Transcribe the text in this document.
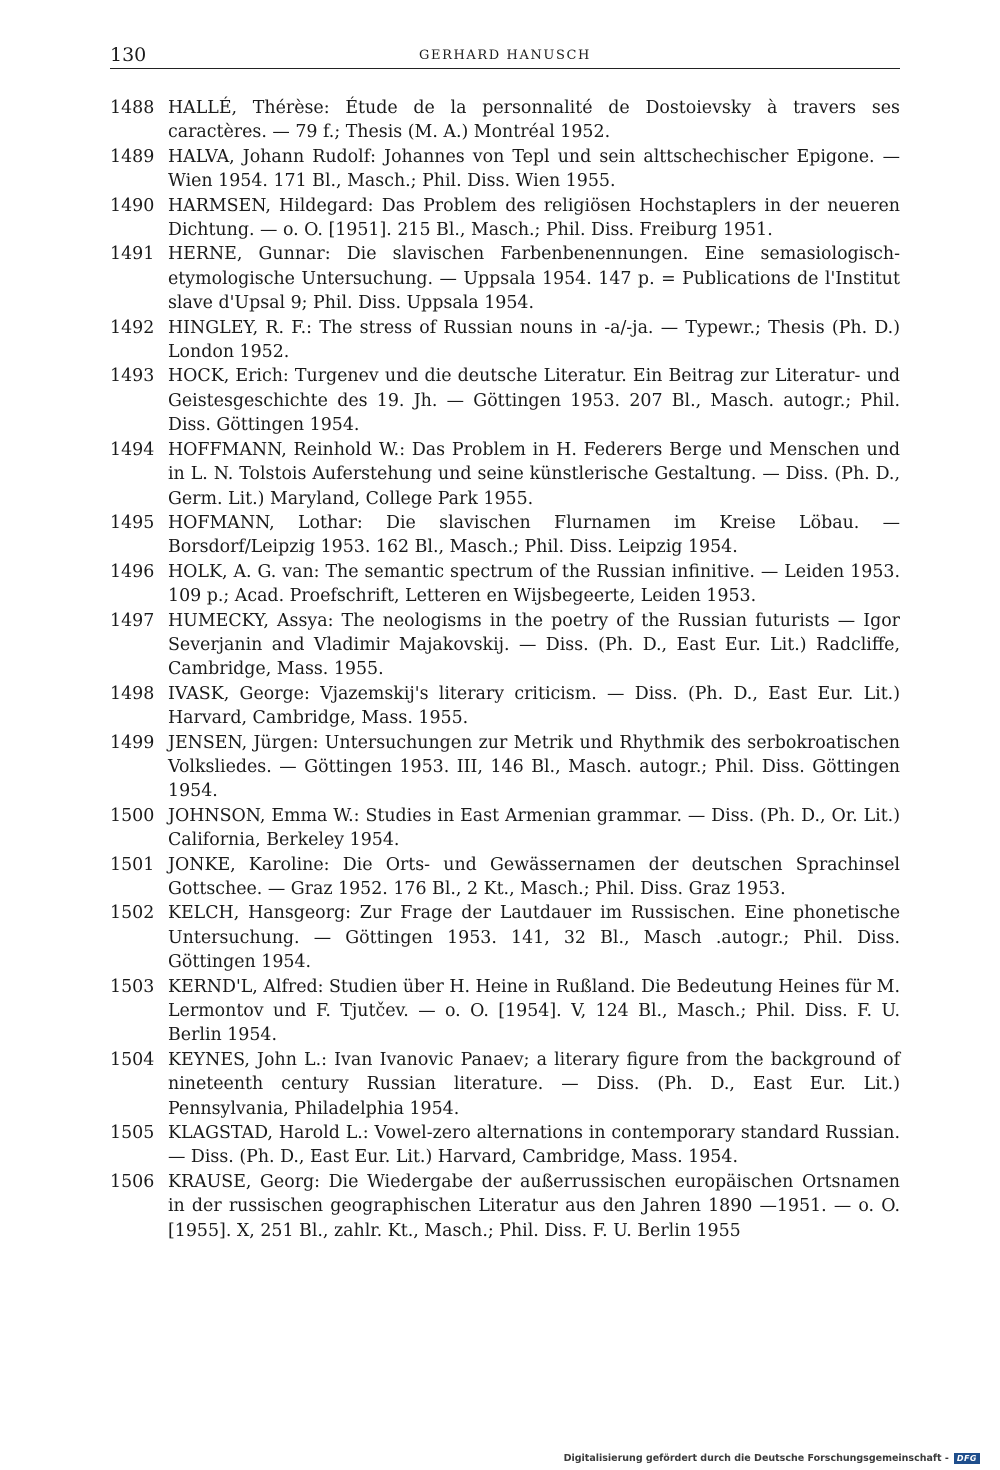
130	GERHARD HANUSCH
1488 HALLÉ, Thérèse: Étude de la personnalité de Dostoievsky à travers ses caractères. — 79 f.; Thesis (M. A.) Montréal 1952.
1489 HALVA, Johann Rudolf: Johannes von Tepl und sein alttschechischer Epigone. — Wien 1954. 171 Bl., Masch.; Phil. Diss. Wien 1955.
1490 HARMSEN, Hildegard: Das Problem des religiösen Hochstaplers in der neueren Dichtung. — o. O. [1951]. 215 Bl., Masch.; Phil. Diss. Freiburg 1951.
1491 HERNE, Gunnar: Die slavischen Farbenbenennungen. Eine semasiologisch-etymologische Untersuchung. — Uppsala 1954. 147 p. = Publications de l'Institut slave d'Upsal 9; Phil. Diss. Uppsala 1954.
1492 HINGLEY, R. F.: The stress of Russian nouns in -a/-ja. — Typewr.; Thesis (Ph. D.) London 1952.
1493 HOCK, Erich: Turgenev und die deutsche Literatur. Ein Beitrag zur Literatur- und Geistesgeschichte des 19. Jh. — Göttingen 1953. 207 Bl., Masch. autogr.; Phil. Diss. Göttingen 1954.
1494 HOFFMANN, Reinhold W.: Das Problem in H. Federers Berge und Menschen und in L. N. Tolstois Auferstehung und seine künstlerische Gestaltung. — Diss. (Ph. D., Germ. Lit.) Maryland, College Park 1955.
1495 HOFMANN, Lothar: Die slavischen Flurnamen im Kreise Löbau. — Borsdorf/Leipzig 1953. 162 Bl., Masch.; Phil. Diss. Leipzig 1954.
1496 HOLK, A. G. van: The semantic spectrum of the Russian infinitive. — Leiden 1953. 109 p.; Acad. Proefschrift, Letteren en Wijsbegeerte, Leiden 1953.
1497 HUMECKY, Assya: The neologisms in the poetry of the Russian futurists — Igor Severjanin and Vladimir Majakovskij. — Diss. (Ph. D., East Eur. Lit.) Radcliffe, Cambridge, Mass. 1955.
1498 IVASK, George: Vjazemskij's literary criticism. — Diss. (Ph. D., East Eur. Lit.) Harvard, Cambridge, Mass. 1955.
1499 JENSEN, Jürgen: Untersuchungen zur Metrik und Rhythmik des serbokroatischen Volksliedes. — Göttingen 1953. III, 146 Bl., Masch. autogr.; Phil. Diss. Göttingen 1954.
1500 JOHNSON, Emma W.: Studies in East Armenian grammar. — Diss. (Ph. D., Or. Lit.) California, Berkeley 1954.
1501 JONKE, Karoline: Die Orts- und Gewässernamen der deutschen Sprachinsel Gottschee. — Graz 1952. 176 Bl., 2 Kt., Masch.; Phil. Diss. Graz 1953.
1502 KELCH, Hansgeorg: Zur Frage der Lautdauer im Russischen. Eine phonetische Untersuchung. — Göttingen 1953. 141, 32 Bl., Masch .autogr.; Phil. Diss. Göttingen 1954.
1503 KERND'L, Alfred: Studien über H. Heine in Rußland. Die Bedeutung Heines für M. Lermontov und F. Tjutčev. — o. O. [1954]. V, 124 Bl., Masch.; Phil. Diss. F. U. Berlin 1954.
1504 KEYNES, John L.: Ivan Ivanovic Panaev; a literary figure from the background of nineteenth century Russian literature. — Diss. (Ph. D., East Eur. Lit.) Pennsylvania, Philadelphia 1954.
1505 KLAGSTAD, Harold L.: Vowel-zero alternations in contemporary standard Russian. — Diss. (Ph. D., East Eur. Lit.) Harvard, Cambridge, Mass. 1954.
1506 KRAUSE, Georg: Die Wiedergabe der außerrussischen europäischen Ortsnamen in der russischen geographischen Literatur aus den Jahren 1890 —1951. — o. O. [1955]. X, 251 Bl., zahlr. Kt., Masch.; Phil. Diss. F. U. Berlin 1955
Digitalisierung gefördert durch die Deutsche Forschungsgemeinschaft -	DFG
